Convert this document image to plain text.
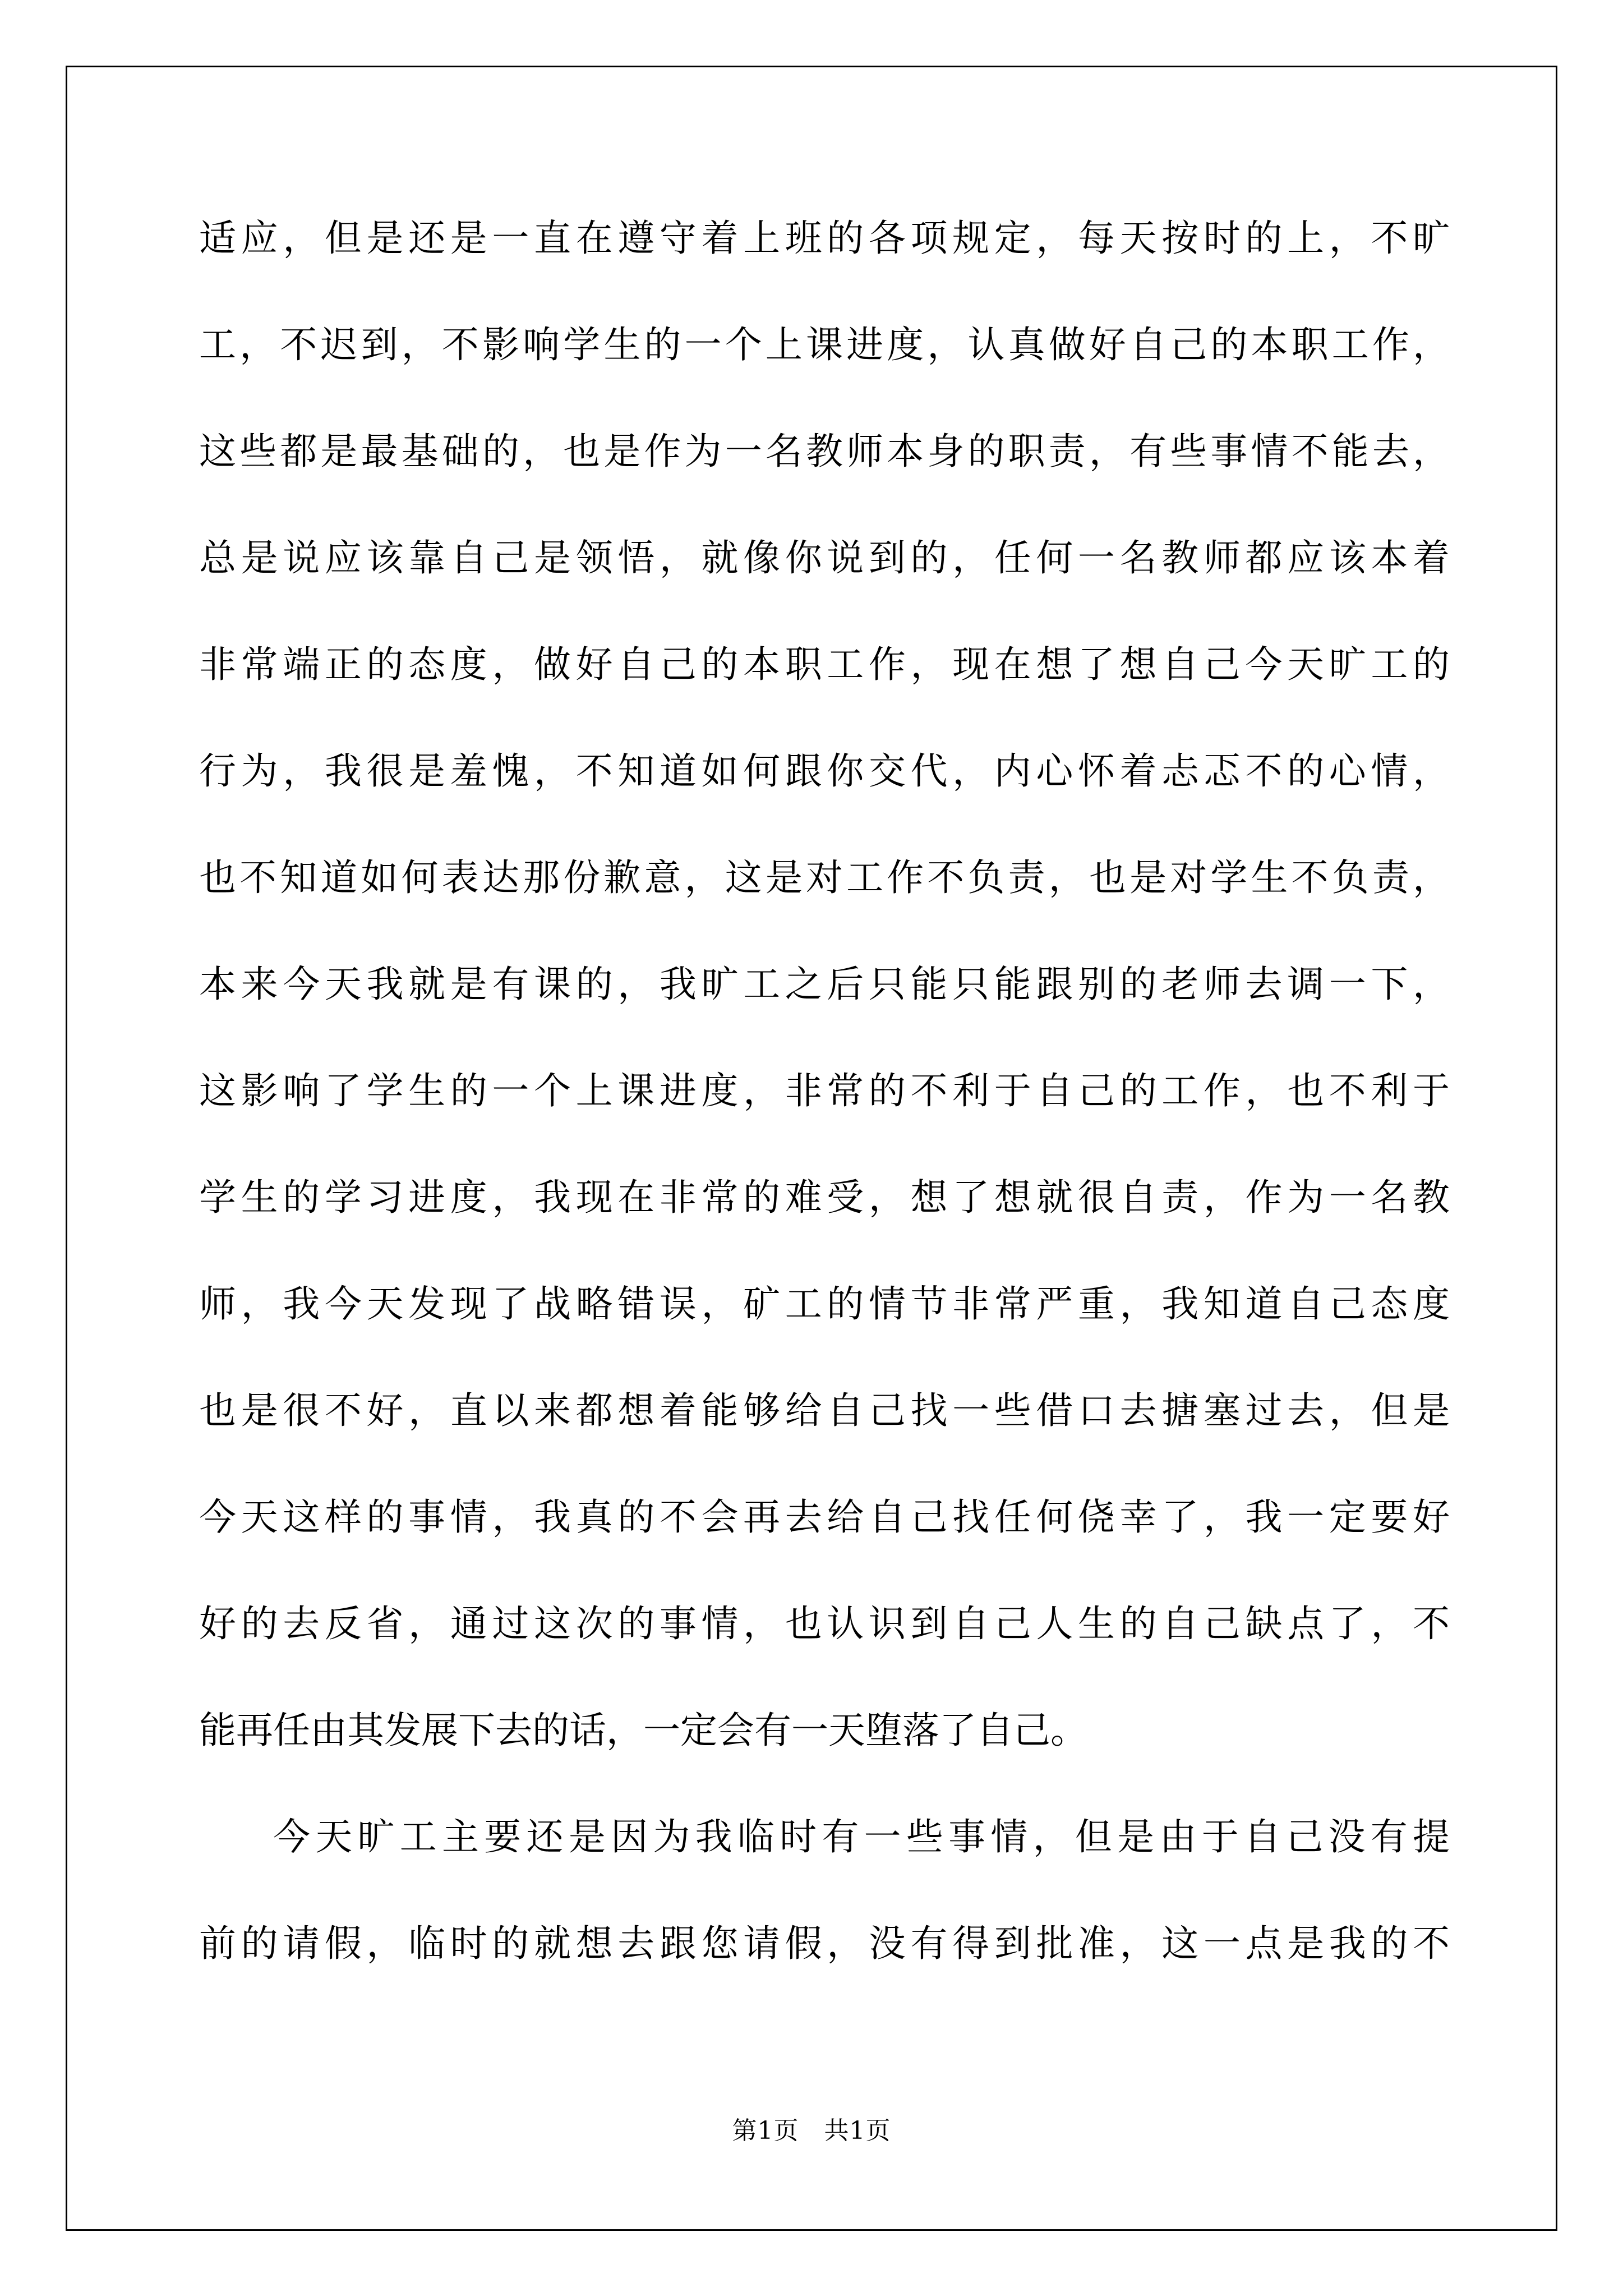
适应，但是还是一直在遵守着上班的各项规定，每天按时的上，不旷
工，不迟到，不影响学生的一个上课进度，认真做好自己的本职工作，
这些都是最基础的，也是作为一名教师本身的职责，有些事情不能去，
总是说应该靠自己是领悟，就像你说到的，任何一名教师都应该本着
非常端正的态度，做好自己的本职工作，现在想了想自己今天旷工的
行为，我很是羞愧，不知道如何跟你交代，内心怀着忐忑不的心情，
也不知道如何表达那份歉意，这是对工作不负责，也是对学生不负责，
本来今天我就是有课的，我旷工之后只能只能跟别的老师去调一下，
这影响了学生的一个上课进度，非常的不利于自己的工作，也不利于
学生的学习进度，我现在非常的难受，想了想就很自责，作为一名教
师，我今天发现了战略错误，矿工的情节非常严重，我知道自己态度
也是很不好，直以来都想着能够给自己找一些借口去搪塞过去，但是
今天这样的事情，我真的不会再去给自己找任何侥幸了，我一定要好
好的去反省，通过这次的事情，也认识到自己人生的自己缺点了，不
能再任由其发展下去的话，一定会有一天堕落了自己。
今天旷工主要还是因为我临时有一些事情，但是由于自己没有提
前的请假，临时的就想去跟您请假，没有得到批准，这一点是我的不
第1页　共1页
